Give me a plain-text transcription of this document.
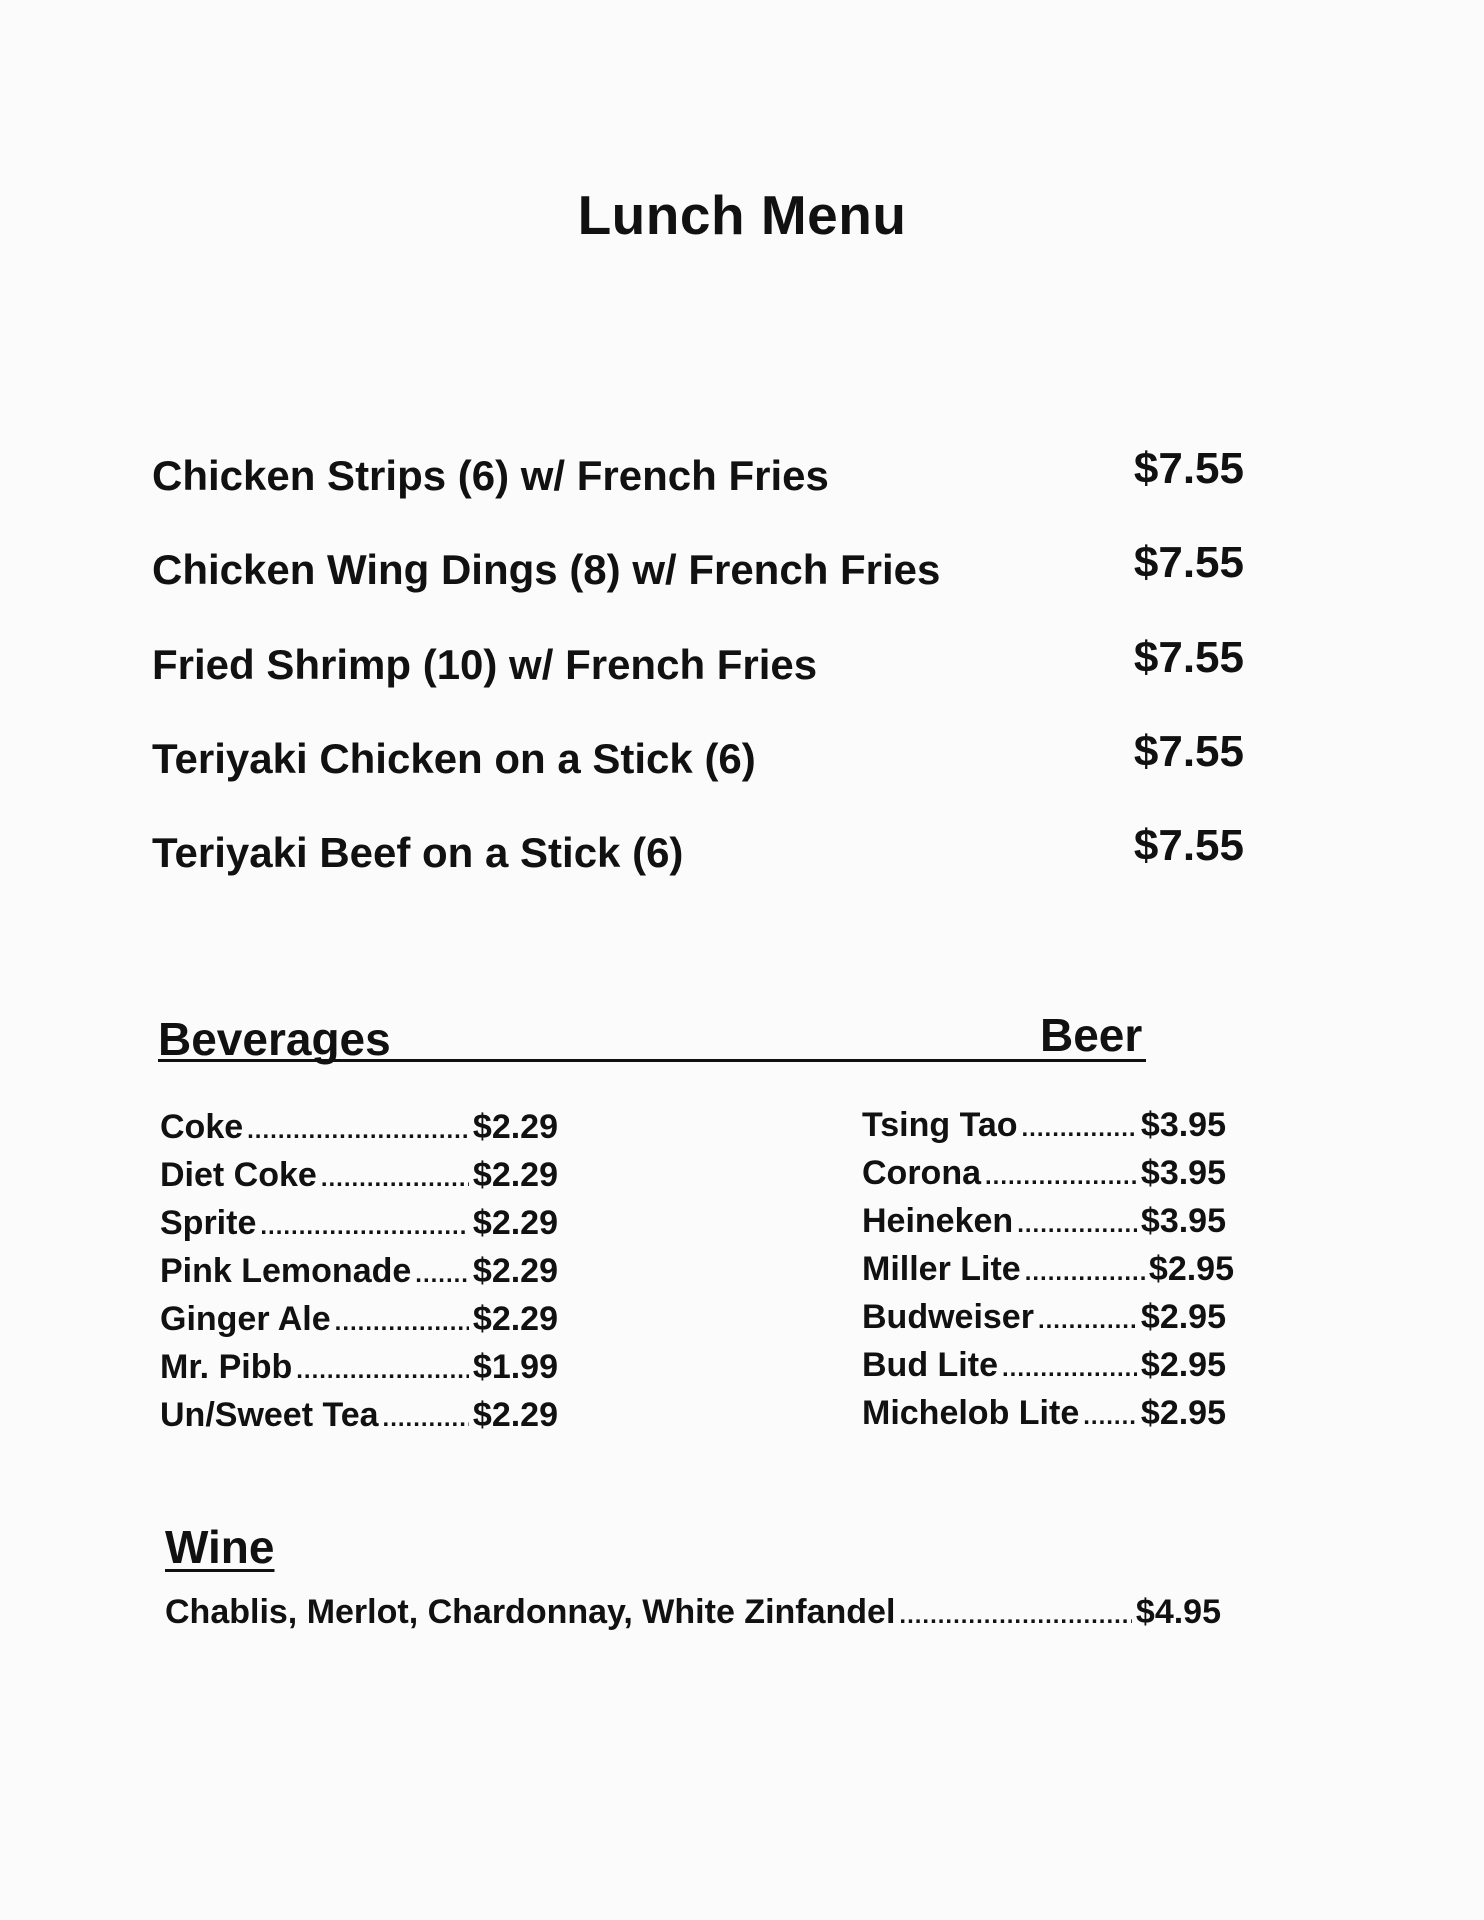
Lunch Menu
Chicken Strips (6) w/ French Fries	$7.55
Chicken Wing Dings (8) w/ French Fries	$7.55
Fried Shrimp (10) w/ French Fries	$7.55
Teriyaki Chicken on a Stick (6)	$7.55
Teriyaki Beef on a Stick (6)	$7.55
Beverages	Beer
Coke .....	$2.29
Diet Coke .....	$2.29
Sprite .....	$2.29
Pink Lemonade ..... $2.29
Ginger Ale .....	$2.29
Mr. Pibb .....	$1.99
Un/Sweet Tea .....	$2.29
Tsing Tao .....	$3.95
Corona .....	$3.95
Heineken .....	$3.95
Miller Lite .....	$2.95
Budweiser .....	$2.95
Bud Lite .....	$2.95
Michelob Lite ..... $2.95
Wine
Chablis, Merlot, Chardonnay, White Zinfandel .....	$4.95
